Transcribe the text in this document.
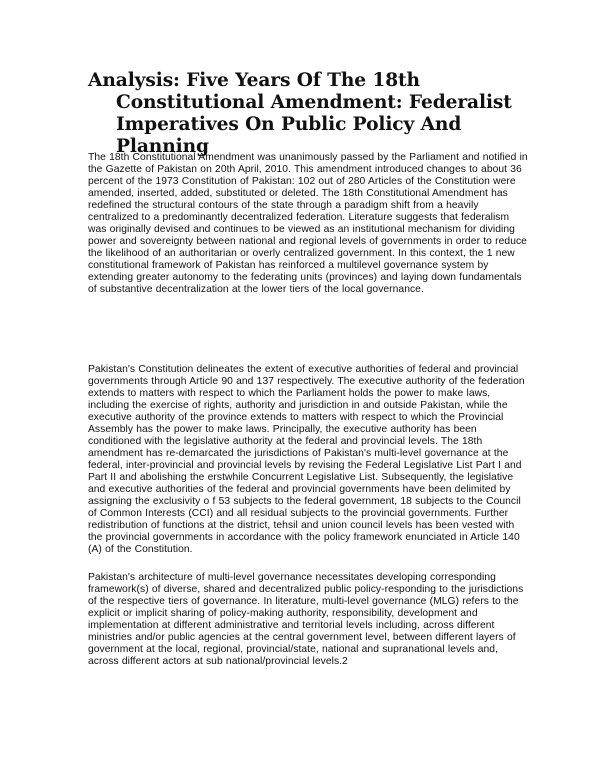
Analysis: Five Years Of The 18th Constitutional Amendment: Federalist Imperatives On Public Policy And Planning

The 18th Constitutional Amendment was unanimously passed by the Parliament and notified in the Gazette of Pakistan on 20th April, 2010. This amendment introduced changes to about 36 percent of the 1973 Constitution of Pakistan: 102 out of 280 Articles of the Constitution were amended, inserted, added, substituted or deleted. The 18th Constitutional Amendment has redefined the structural contours of the state through a paradigm shift from a heavily centralized to a predominantly decentralized federation. Literature suggests that federalism was originally devised and continues to be viewed as an institutional mechanism for dividing power and sovereignty between national and regional levels of governments in order to reduce the likelihood of an authoritarian or overly centralized government. In this context, the 1 new constitutional framework of Pakistan has reinforced a multilevel governance system by extending greater autonomy to the federating units (provinces) and laying down fundamentals of substantive decentralization at the lower tiers of the local governance.

Pakistan's Constitution delineates the extent of executive authorities of federal and provincial governments through Article 90 and 137 respectively. The executive authority of the federation extends to matters with respect to which the Parliament holds the power to make laws, including the exercise of rights, authority and jurisdiction in and outside Pakistan, while the executive authority of the province extends to matters with respect to which the Provincial Assembly has the power to make laws. Principally, the executive authority has been conditioned with the legislative authority at the federal and provincial levels. The 18th amendment has re-demarcated the jurisdictions of Pakistan's multi-level governance at the federal, inter-provincial and provincial levels by revising the Federal Legislative List Part I and Part II and abolishing the erstwhile Concurrent Legislative List. Subsequently, the legislative and executive authorities of the federal and provincial governments have been delimited by assigning the exclusivity o f 53 subjects to the federal government, 18 subjects to the Council of Common Interests (CCI) and all residual subjects to the provincial governments. Further redistribution of functions at the district, tehsil and union council levels has been vested with the provincial governments in accordance with the policy framework enunciated in Article 140 (A) of the Constitution.

Pakistan's architecture of multi-level governance necessitates developing corresponding framework(s) of diverse, shared and decentralized public policy-responding to the jurisdictions of the respective tiers of governance. In literature, multi-level governance (MLG) refers to the explicit or implicit sharing of policy-making authority, responsibility, development and implementation at different administrative and territorial levels including, across different ministries and/or public agencies at the central government level, between different layers of government at the local, regional, provincial/state, national and supranational levels and, across different actors at sub national/provincial levels.2
